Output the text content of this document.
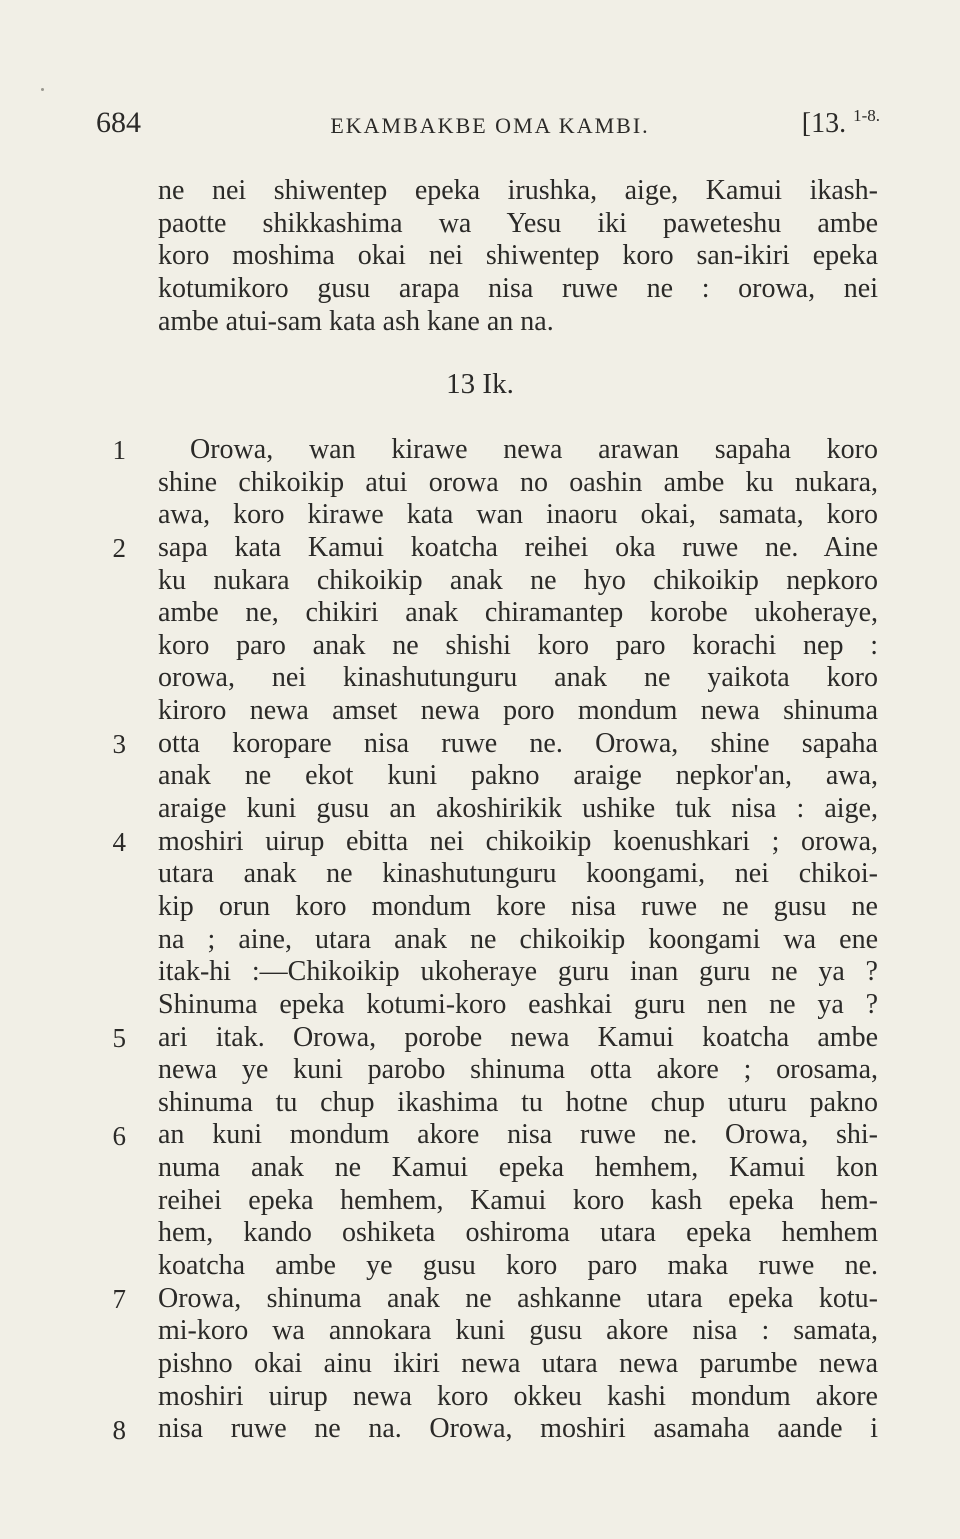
684	EKAMBAKBE OMA KAMBI.	[13. $^{1-8.}$
ne nei shiwentep epeka irushka, aige, Kamui ikash-
paotte shikkashima wa Yesu iki paweteshu ambe
koro moshima okai nei shiwentep koro san-ikiri epeka
kotumikoro gusu arapa nisa ruwe ne : orowa, nei
ambe atui-sam kata ash kane an na.
13 Ik.
1
2
3
4
5
6
7
8
Orowa, wan kirawe newa arawan sapaha koro
shine chikoikip atui orowa no oashin ambe ku nukara,
awa, koro kirawe kata wan inaoru okai, samata, koro
sapa kata Kamui koatcha reihei oka ruwe ne. Aine
ku nukara chikoikip anak ne hyo chikoikip nepkoro
ambe ne, chikiri anak chiramantep korobe ukoheraye,
koro paro anak ne shishi koro paro korachi nep :
orowa, nei kinashutunguru anak ne yaikota koro
kiroro newa amset newa poro mondum newa shinuma
otta koropare nisa ruwe ne. Orowa, shine sapaha
anak ne ekot kuni pakno araige nepkor'an, awa,
araige kuni gusu an akoshirikik ushike tuk nisa : aige,
moshiri uirup ebitta nei chikoikip koenushkari ; orowa,
utara anak ne kinashutunguru koongami, nei chikoi-
kip orun koro mondum kore nisa ruwe ne gusu ne
na ; aine, utara anak ne chikoikip koongami wa ene
itak-hi :—Chikoikip ukoheraye guru inan guru ne ya ?
Shinuma epeka kotumi-koro eashkai guru nen ne ya ?
ari itak. Orowa, porobe newa Kamui koatcha ambe
newa ye kuni parobo shinuma otta akore ; orosama,
shinuma tu chup ikashima tu hotne chup uturu pakno
an kuni mondum akore nisa ruwe ne. Orowa, shi-
numa anak ne Kamui epeka hemhem, Kamui kon
reihei epeka hemhem, Kamui koro kash epeka hem-
hem, kando oshiketa oshiroma utara epeka hemhem
koatcha ambe ye gusu koro paro maka ruwe ne.
Orowa, shinuma anak ne ashkanne utara epeka kotu-
mi-koro wa annokara kuni gusu akore nisa : samata,
pishno okai ainu ikiri newa utara newa parumbe newa
moshiri uirup newa koro okkeu kashi mondum akore
nisa ruwe ne na. Orowa, moshiri asamaha aande i
